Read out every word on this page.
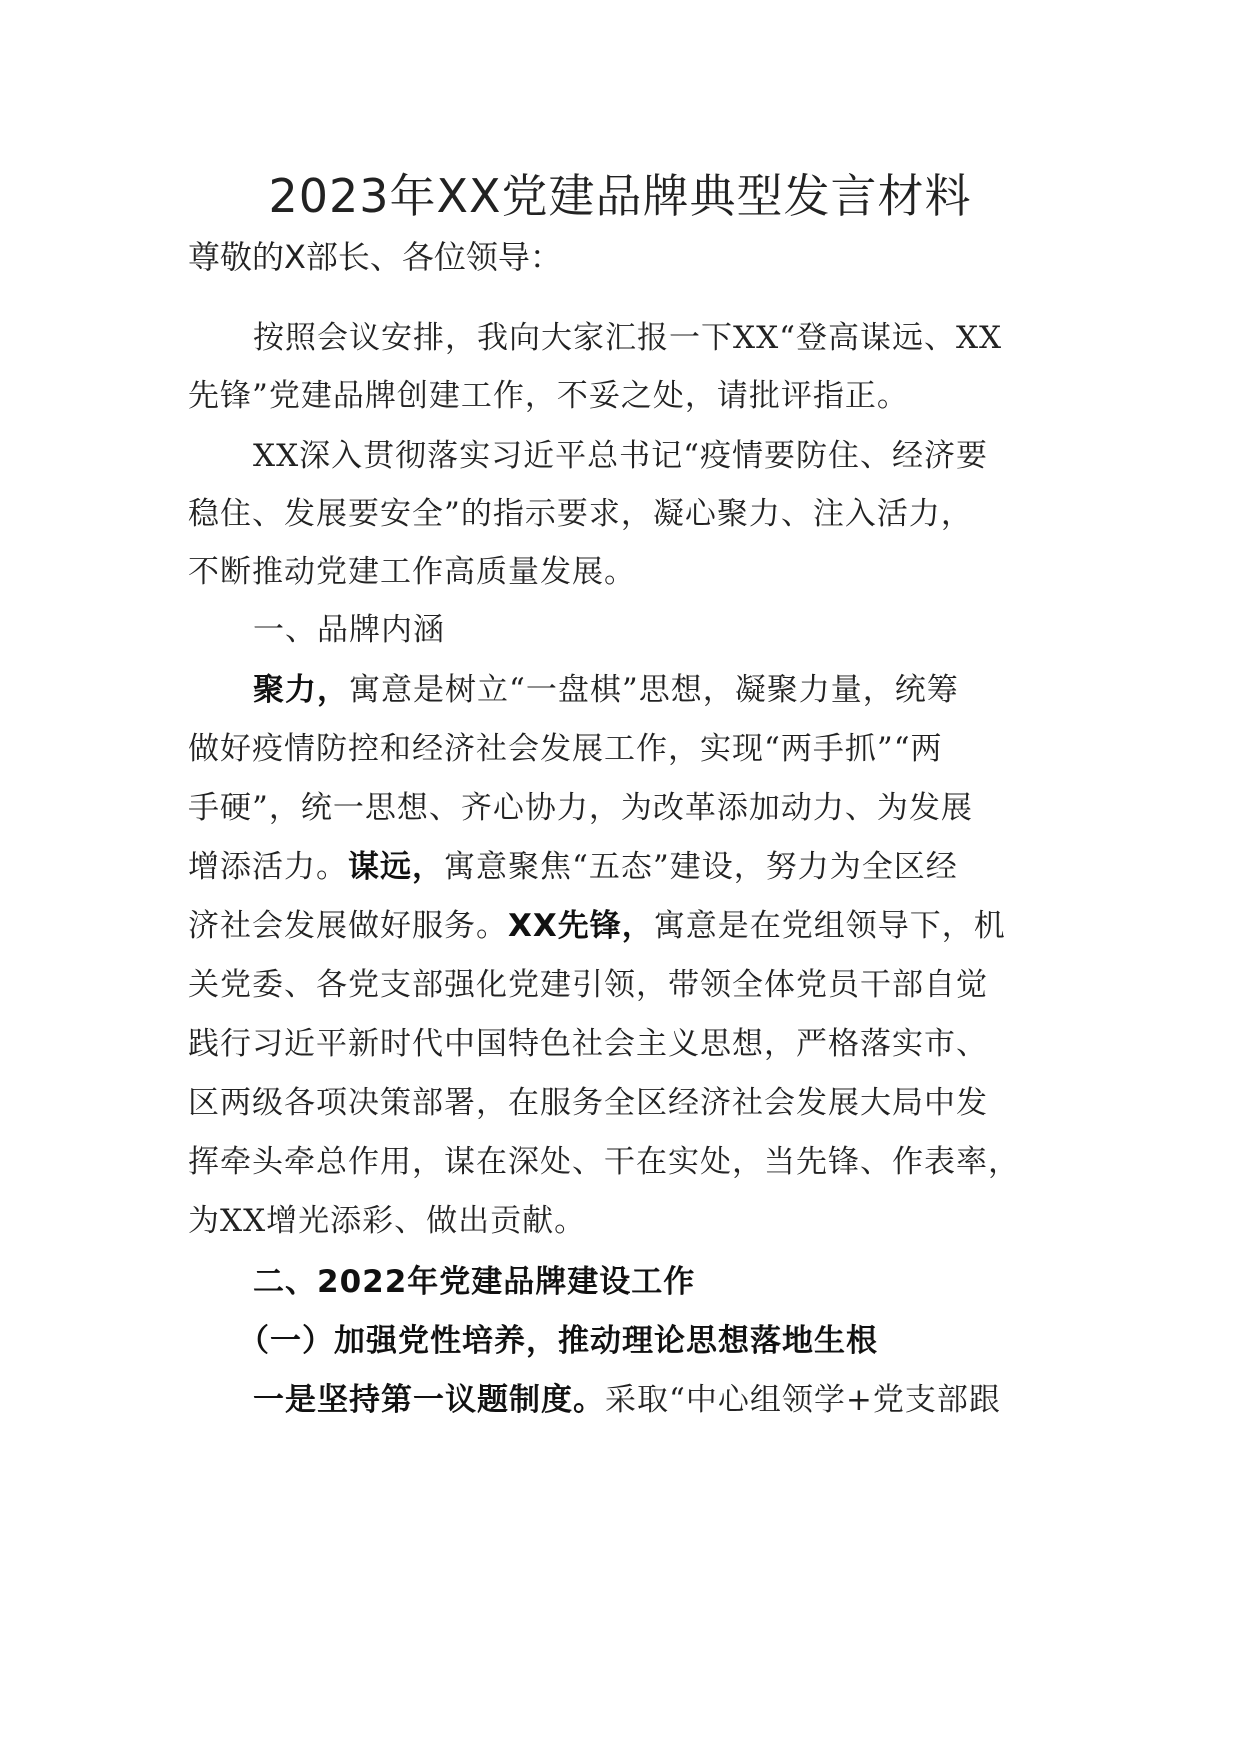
2023年XX党建品牌典型发言材料
尊敬的X部长、各位领导：
按照会议安排，我向大家汇报一下XX“登高谋远、XX
先锋”党建品牌创建工作，不妥之处，请批评指正。
XX深入贯彻落实习近平总书记“疫情要防住、经济要
稳住、发展要安全”的指示要求，凝心聚力、注入活力，
不断推动党建工作高质量发展。
一、品牌内涵
聚力，寓意是树立“一盘棋”思想，凝聚力量，统筹
做好疫情防控和经济社会发展工作，实现“两手抓”“两
手硬”，统一思想、齐心协力，为改革添加动力、为发展
增添活力。谋远，寓意聚焦“五态”建设，努力为全区经
济社会发展做好服务。XX先锋，寓意是在党组领导下，机
关党委、各党支部强化党建引领，带领全体党员干部自觉
践行习近平新时代中国特色社会主义思想，严格落实市、
区两级各项决策部署，在服务全区经济社会发展大局中发
挥牵头牵总作用，谋在深处、干在实处，当先锋、作表率，
为XX增光添彩、做出贡献。
二、2022年党建品牌建设工作
（一）加强党性培养，推动理论思想落地生根
一是坚持第一议题制度。采取“中心组领学+党支部跟
